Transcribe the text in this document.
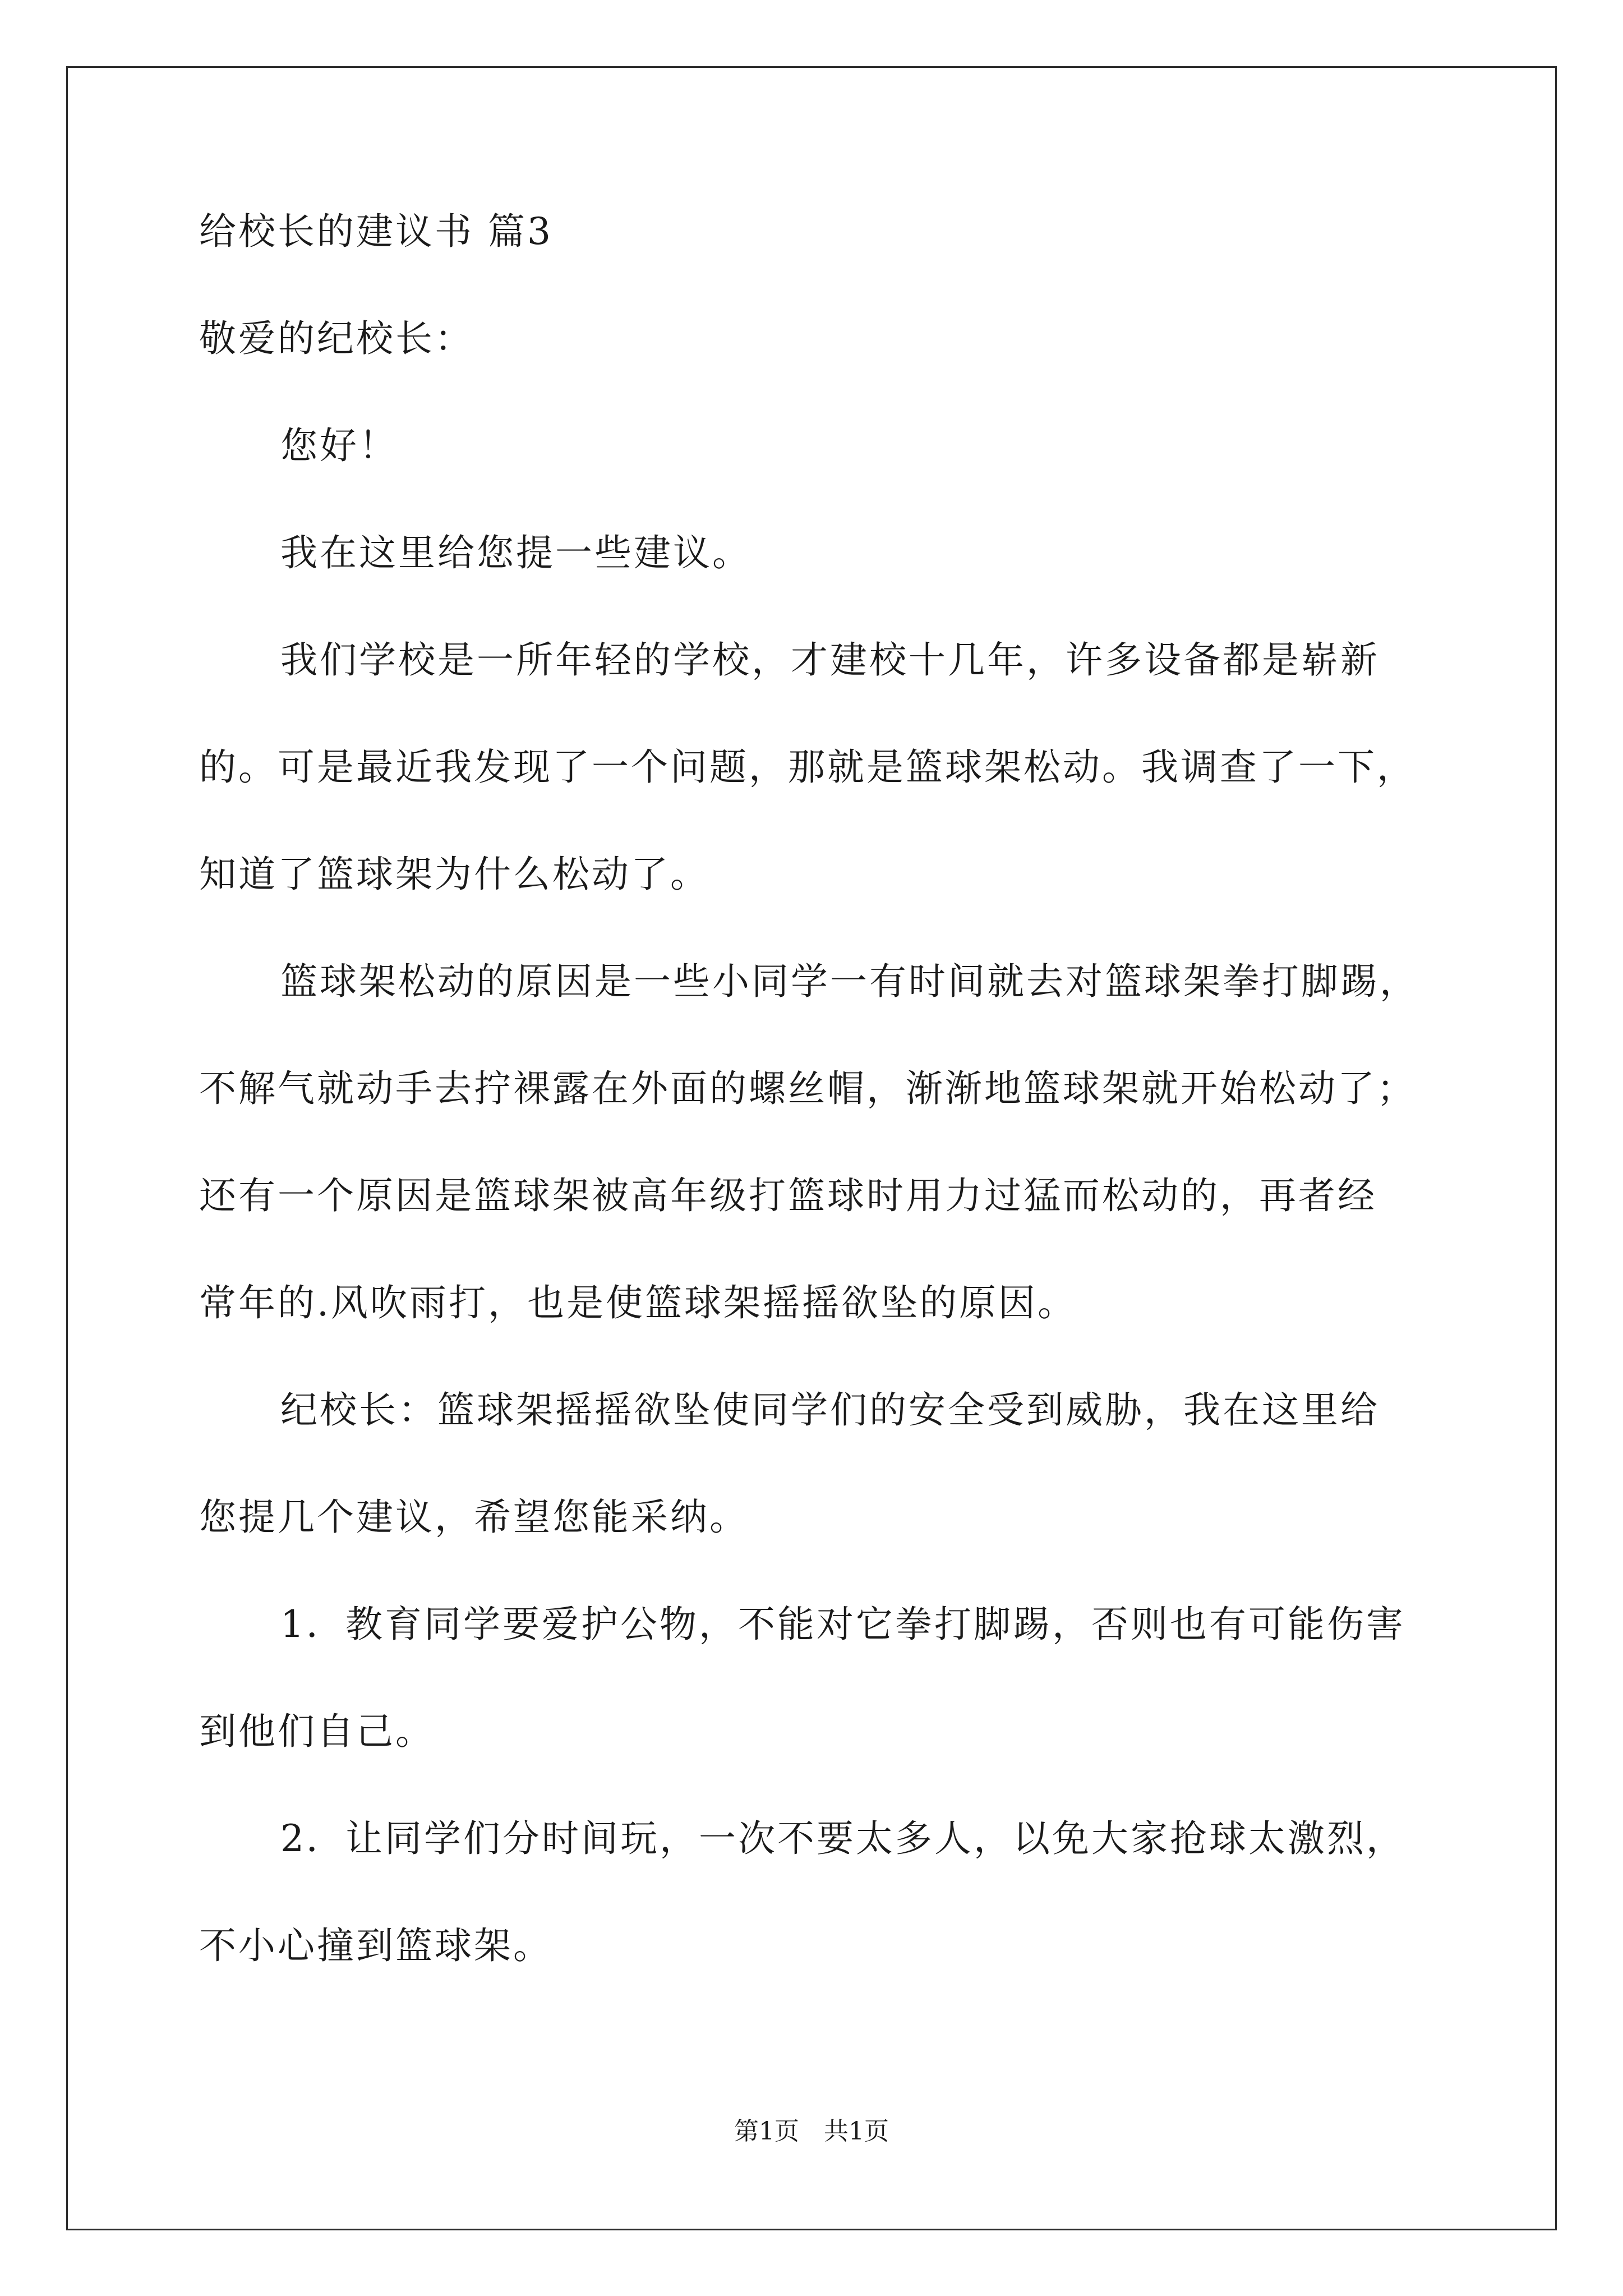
给校长的建议书 篇3

敬爱的纪校长：

您好！

我在这里给您提一些建议。

我们学校是一所年轻的学校，才建校十几年，许多设备都是崭新

的。可是最近我发现了一个问题，那就是篮球架松动。我调查了一下，

知道了篮球架为什么松动了。

篮球架松动的原因是一些小同学一有时间就去对篮球架拳打脚踢，

不解气就动手去拧裸露在外面的螺丝帽，渐渐地篮球架就开始松动了；

还有一个原因是篮球架被高年级打篮球时用力过猛而松动的，再者经

常年的.风吹雨打，也是使篮球架摇摇欲坠的原因。

纪校长：篮球架摇摇欲坠使同学们的安全受到威胁，我在这里给

您提几个建议，希望您能采纳。

1．教育同学要爱护公物，不能对它拳打脚踢，否则也有可能伤害

到他们自己。

2．让同学们分时间玩，一次不要太多人，以免大家抢球太激烈，

不小心撞到篮球架。

第1页　共1页
